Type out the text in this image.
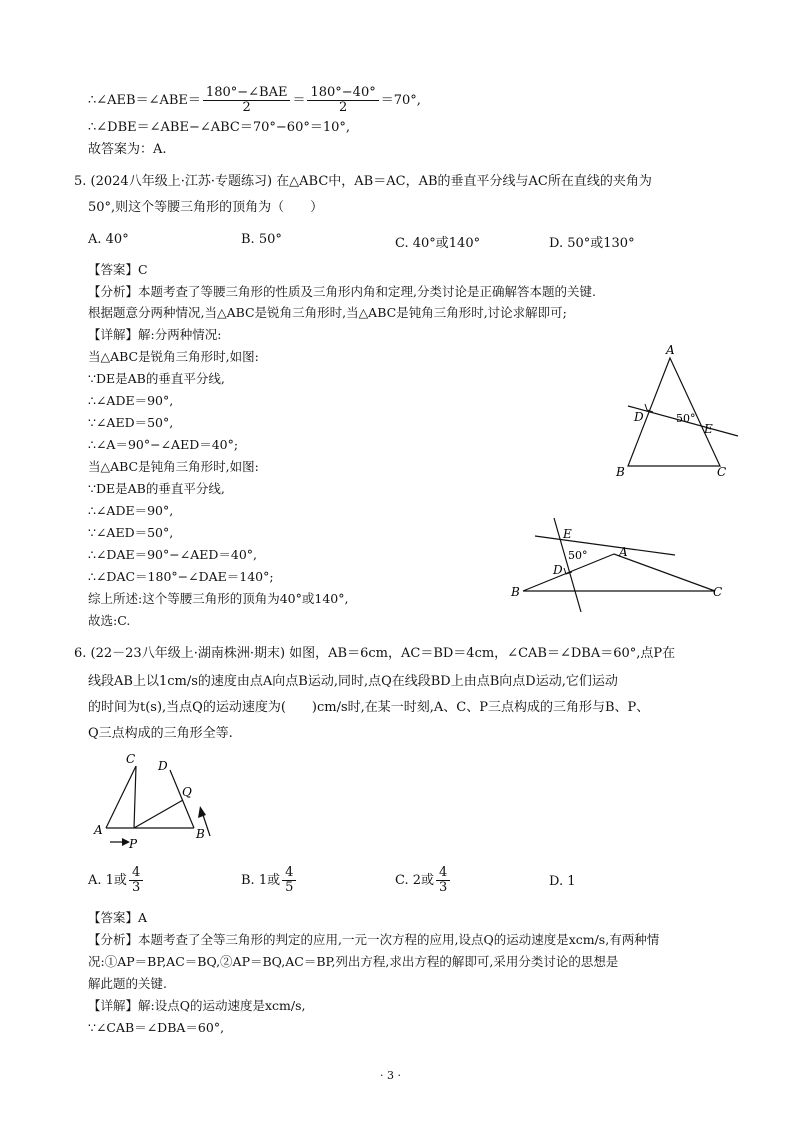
∴∠AEB＝∠ABE＝ $\frac{\text{180°−∠BAE}}{2} = \frac{180^\circ-40^\circ}{2} =70^\circ$,
∴∠DBE＝∠ABE−∠ABC＝70°−60°＝10°,
故答案为：A.
5. (2024八年级上·江苏·专题练习) 在△ABC中，AB＝AC，AB的垂直平分线与AC所在直线的夹角为
50°,则这个等腰三角形的顶角为（　　）
A. 40°	B. 50°	C. 40°或140°	D. 50°或130°
【答案】C
【分析】本题考查了等腰三角形的性质及三角形内角和定理,分类讨论是正确解答本题的关键.
根据题意分两种情况,当△ABC是锐角三角形时,当△ABC是钝角三角形时,讨论求解即可;
【详解】解:分两种情况:
当△ABC是锐角三角形时,如图:
∵DE是AB的垂直平分线,
∴∠ADE＝90°,
∵∠AED＝50°,
∴∠A＝90°−∠AED＝40°;
当△ABC是钝角三角形时,如图:
∵DE是AB的垂直平分线,
∴∠ADE＝90°,
∵∠AED＝50°,
∴∠DAE＝90°−∠AED＝40°,
∴∠DAC＝180°−∠DAE＝140°;
综上所述:这个等腰三角形的顶角为40°或140°,
故选:C.
A
B	C
D
E
50°
A
B	C
D
E
50°
6. (22－23八年级上·湖南株洲·期末) 如图，AB＝6cm，AC＝BD＝4cm，∠CAB＝∠DBA＝60°,点P在
线段AB上以1cm/s的速度由点A向点B运动,同时,点Q在线段BD上由点B向点D运动,它们运动
的时间为t(s),当点Q的运动速度为(　　)cm/s时,在某一时刻,A、C、P三点构成的三角形与B、P、
Q三点构成的三角形全等.
A	B
C D
P
Q
A. 1或 $\frac{4}{3}$	B. 1或 $\frac{4}{5}$	C. 2或 $\frac{4}{3}$	D. 1
【答案】A
【分析】本题考查了全等三角形的判定的应用,一元一次方程的应用,设点Q的运动速度是xcm/s,有两种情
况:①AP＝BP,AC＝BQ,②AP＝BQ,AC＝BP,列出方程,求出方程的解即可,采用分类讨论的思想是
解此题的关键.
【详解】解:设点Q的运动速度是xcm/s,
∵∠CAB＝∠DBA＝60°,
· 3 ·
